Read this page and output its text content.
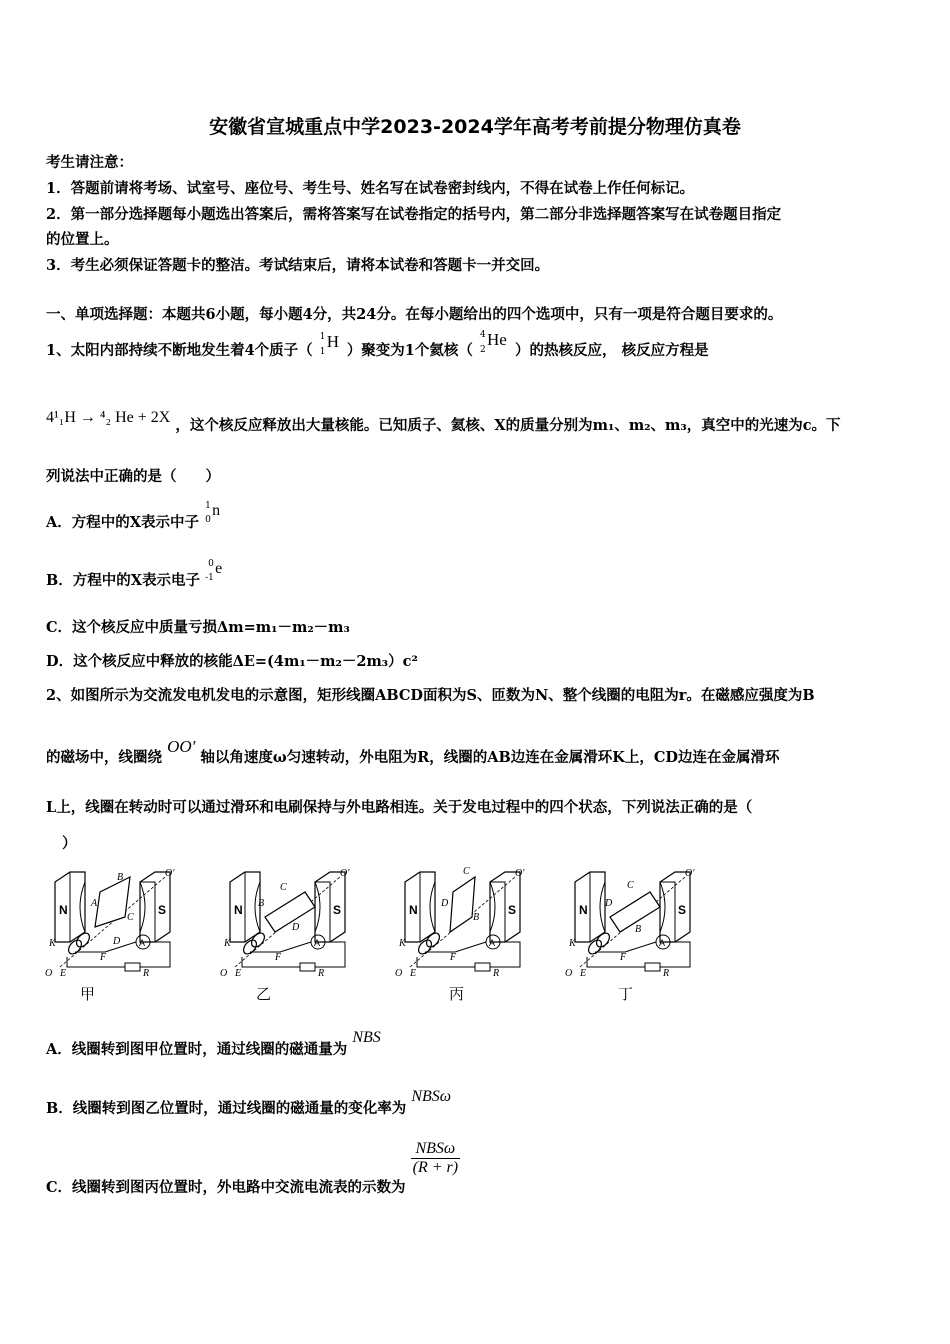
安徽省宣城重点中学2023-2024学年高考考前提分物理仿真卷
考生请注意：
1．答题前请将考场、试室号、座位号、考生号、姓名写在试卷密封线内，不得在试卷上作任何标记。
2．第一部分选择题每小题选出答案后，需将答案写在试卷指定的括号内，第二部分非选择题答案写在试卷题目指定
的位置上。
3．考生必须保证答题卡的整洁。考试结束后，请将本试卷和答题卡一并交回。
一、单项选择题：本题共6小题，每小题4分，共24分。在每小题给出的四个选项中，只有一项是符合题目要求的。
1、太阳内部持续不断地发生着4个质子（
1
1
H ）聚变为1个氦核（
4
2
He
）的热核反应， 核反应方程是
4¹₁H → ⁴₂ He + 2X ，这个核反应释放出大量核能。已知质子、氦核、X的质量分别为m₁、m₂、m₃，真空中的光速为c。下
列说法中正确的是（　　）
A．方程中的X表示中子
1
0
n

B．方程中的X表示电子
0
-1
e

C．这个核反应中质量亏损Δm=m₁－m₂－m₃
D．这个核反应中释放的核能ΔE=(4m₁－m₂－2m₃）c²
2、如图所示为交流发电机发电的示意图，矩形线圈ABCD面积为S、匝数为N、整个线圈的电阻为r。在磁感应强度为B
的磁场中，线圈绕 OO′ 轴以角速度ω匀速转动，外电阻为R，线圈的AB边连在金属滑环K上，CD边连在金属滑环
L上，线圈在转动时可以通过滑环和电刷保持与外电路相连。关于发电过程中的四个状态，下列说法正确的是（
）
A
B
C
D
B
C
D
C
D
B
D
C
B
甲	乙	丙	丁
A．线圈转到图甲位置时，通过线圈的磁通量为 NBS
B．线圈转到图乙位置时，通过线圈的磁通量的变化率为 NBSω
C．线圈转到图丙位置时，外电路中交流电流表的示数为
$\frac{\text{NBSω}}{(R + r)}$
